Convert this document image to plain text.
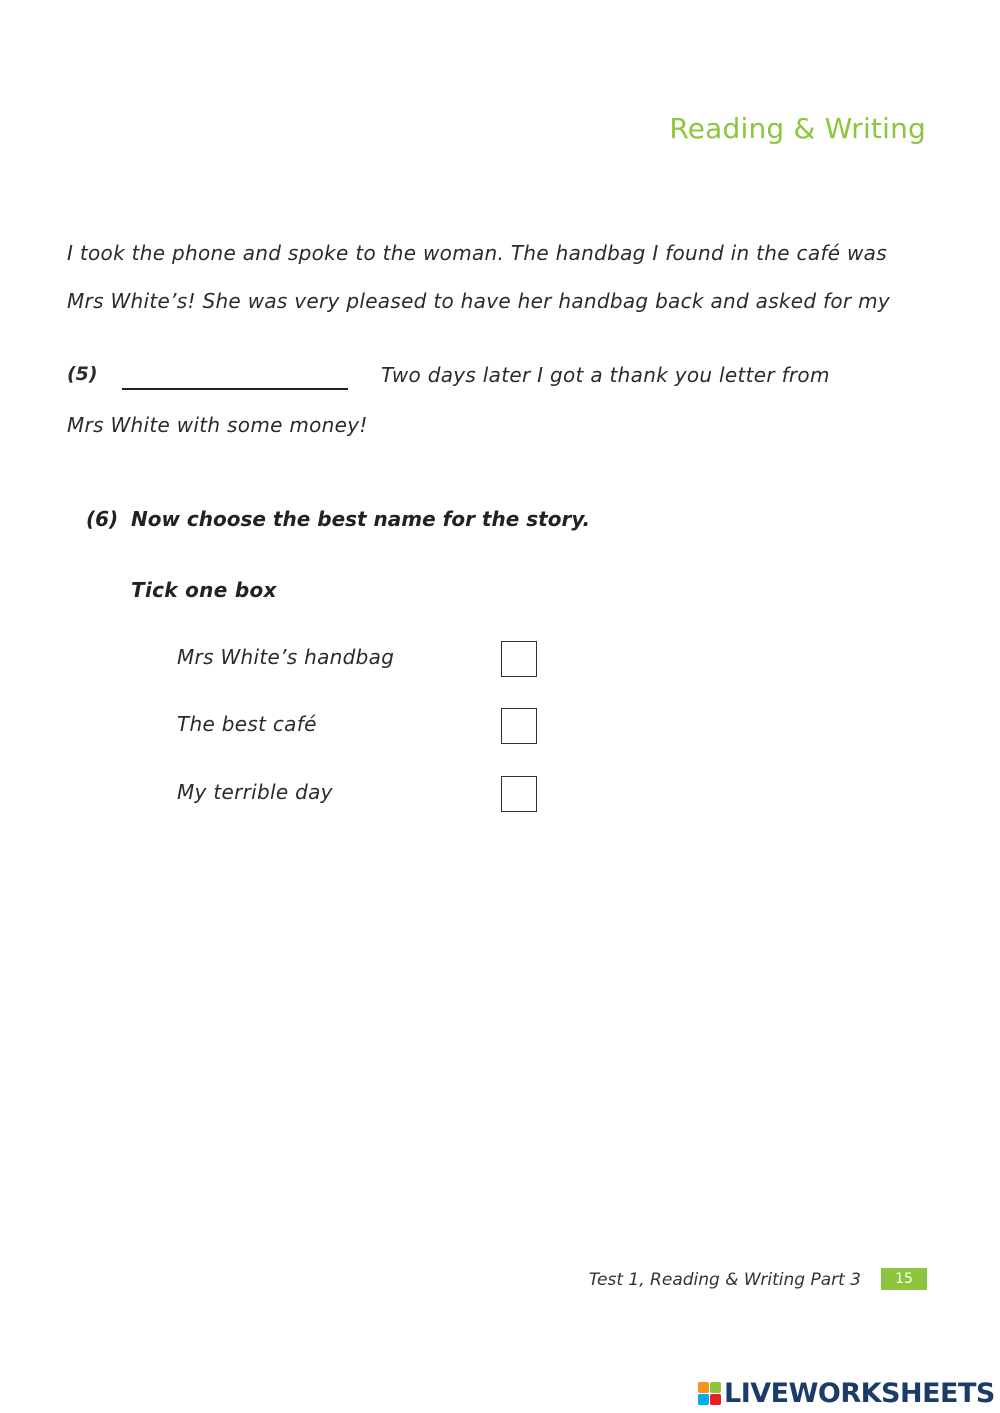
Reading & Writing
I took the phone and spoke to the woman. The handbag I found in the café was
Mrs White’s! She was very pleased to have her handbag back and asked for my
(5)	Two days later I got a thank you letter from
Mrs White with some money!
(6) Now choose the best name for the story.
Tick one box
Mrs White’s handbag
The best café
My terrible day
Test 1, Reading & Writing Part 3	15
LIVEWORKSHEETS
